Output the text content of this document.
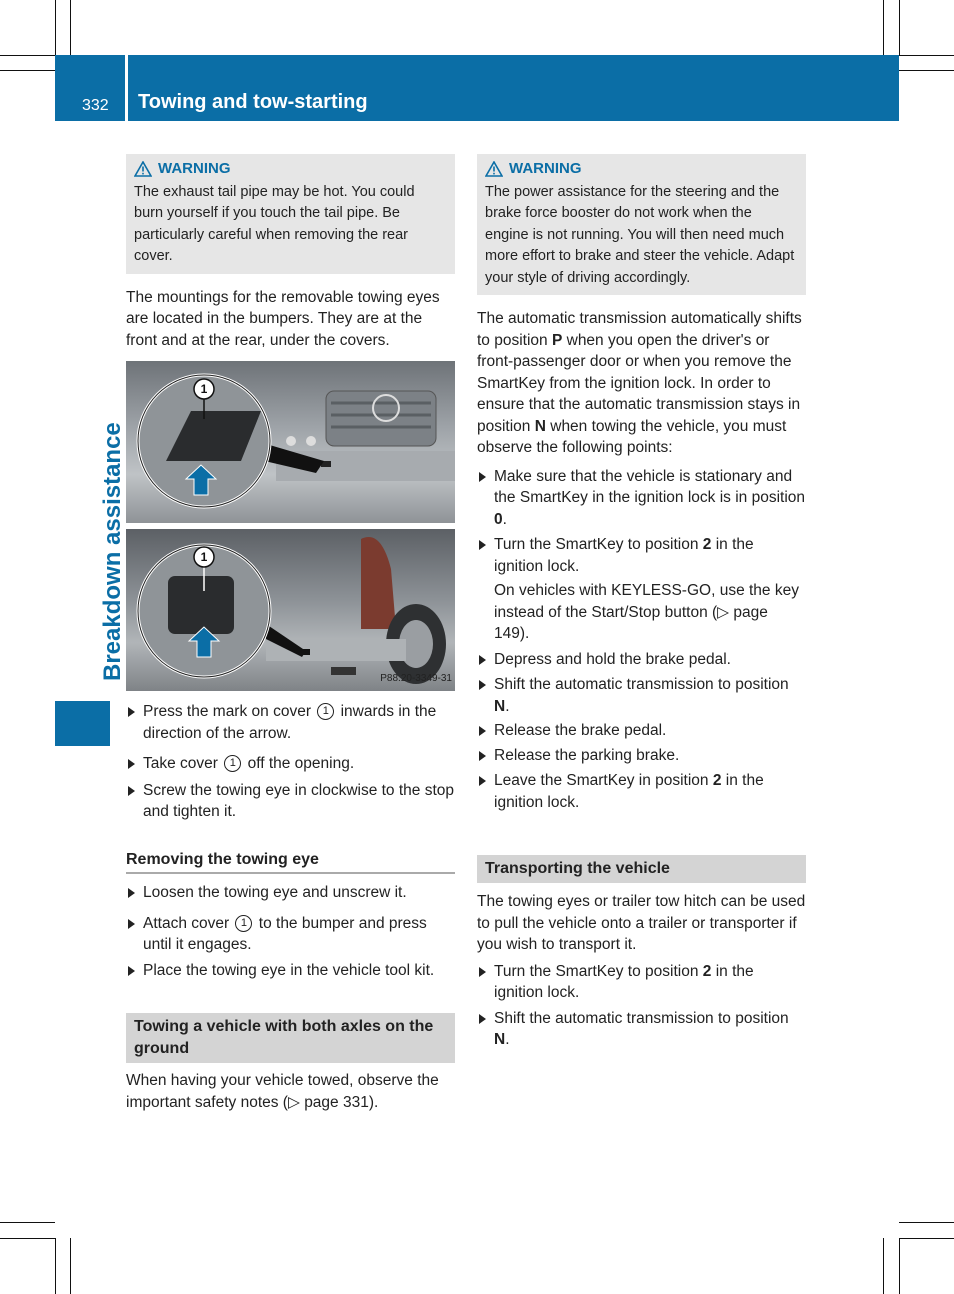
332 Towing and tow-starting
Breakdown assistance
WARNING

The exhaust tail pipe may be hot. You could burn yourself if you touch the tail pipe. Be particularly careful when removing the rear cover.

The mountings for the removable towing eyes are located in the bumpers. They are at the front and at the rear, under the covers.

1
1
P88.20-3349-31
Press the mark on cover 1 inwards in the direction of the arrow.
Take cover 1 off the opening.
Screw the towing eye in clockwise to the stop and tighten it.
Removing the towing eye
Loosen the towing eye and unscrew it.
Attach cover 1 to the bumper and press until it engages.
Place the towing eye in the vehicle tool kit.
Towing a vehicle with both axles on the ground

When having your vehicle towed, observe the important safety notes (▷ page 331).

WARNING

The power assistance for the steering and the brake force booster do not work when the engine is not running. You will then need much more effort to brake and steer the vehicle. Adapt your style of driving accordingly.

The automatic transmission automatically shifts to position P when you open the driver's or front-passenger door or when you remove the SmartKey from the ignition lock. In order to ensure that the automatic transmission stays in position N when towing the vehicle, you must observe the following points:

Make sure that the vehicle is stationary and the SmartKey in the ignition lock is in position 0.
Turn the SmartKey to position 2 in the ignition lock.

On vehicles with KEYLESS-GO, use the key instead of the Start/Stop button (▷ page 149).

Depress and hold the brake pedal.
Shift the automatic transmission to position N.
Release the brake pedal.
Release the parking brake.
Leave the SmartKey in position 2 in the ignition lock.
Transporting the vehicle

The towing eyes or trailer tow hitch can be used to pull the vehicle onto a trailer or transporter if you wish to transport it.

Turn the SmartKey to position 2 in the ignition lock.
Shift the automatic transmission to position N.
